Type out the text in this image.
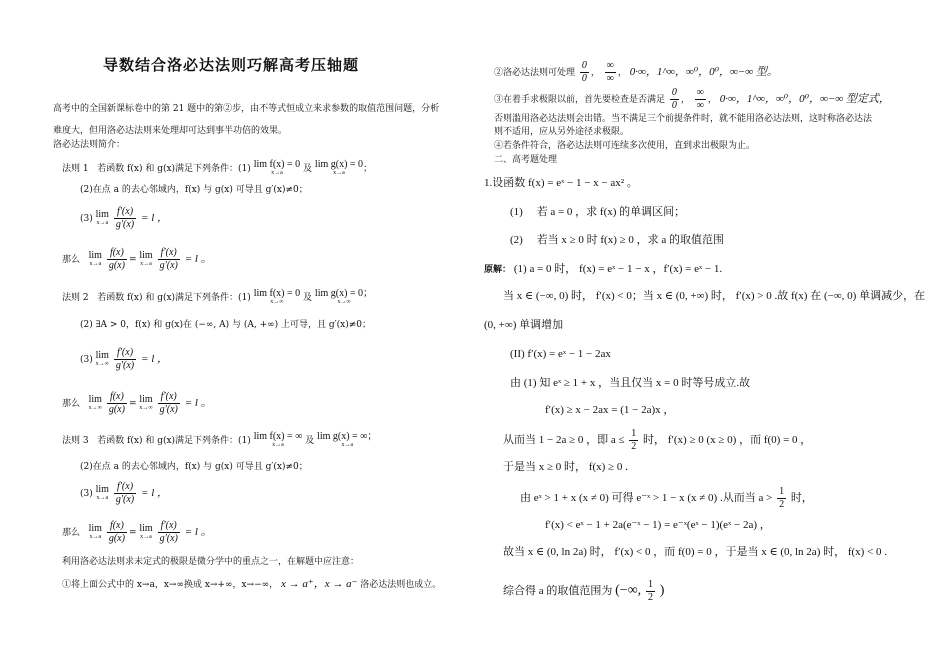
导数结合洛必达法则巧解高考压轴题
高考中的全国新课标卷中的第 21 题中的第②步，由不等式恒成立来求参数的取值范围问题，分析
难度大，但用洛必达法则来处理却可达到事半功倍的效果。
洛必达法则简介：
法则 1 若函数 f(x) 和 g(x)满足下列条件：(1) lim f(x) = 0
x→a	及 lim g(x) = 0
x→a	；
(2)在点 a 的去心邻域内，f(x) 与 g(x) 可导且 g′(x)≠0；
(3) lim
x→a
$\frac{f'(x)}{g'(x)} = l$ ，
那么 lim
x→a
$\frac{f(x)}{g(x)} = \lim$
x→a
$\frac{f'(x)}{g'(x)} = l$ 。
法则 2 若函数 f(x) 和 g(x)满足下列条件：(1) lim f(x) = 0
x→∞	及 lim g(x) = 0；
x→∞
(2) ∃A > 0，f(x) 和 g(x)在 (−∞, A) 与 (A, +∞) 上可导，且 g′(x)≠0；
(3) lim
x→∞
$\frac{f'(x)}{g'(x)} = l$ ，
那么 lim
x→∞
$\frac{f(x)}{g(x)} = \lim$
x→∞
$\frac{f'(x)}{g'(x)} = l$ 。
法则 3 若函数 f(x) 和 g(x)满足下列条件：(1) lim f(x) = ∞
x→a	及 lim g(x) = ∞；
x→a
(2)在点 a 的去心邻域内，f(x) 与 g(x) 可导且 g′(x)≠0；
(3) lim
x→a
$\frac{f'(x)}{g'(x)} = l$ ，
那么 lim
x→a
$\frac{f(x)}{g(x)} = \lim$
x→a
$\frac{f'(x)}{g'(x)} = l$ 。
利用洛必达法则求未定式的极限是微分学中的重点之一，在解题中应注意：
①将上面公式中的 x→a，x→∞换成 x→+∞，x→−∞， x → a⁺，x → a⁻ 洛必达法则也成立。
②洛必达法则可处理 $\frac{0}{0}$ ， $\frac{\infty}{\infty}$ ， 0·∞，1^∞，∞⁰，0⁰，∞−∞ 型。
③在着手求极限以前，首先要检查是否满足 $\frac{0}{0}$ ， $\frac{\infty}{\infty}$ ， 0·∞，1^∞，∞⁰，0⁰，∞−∞ 型定式，
否则滥用洛必达法则会出错。当不满足三个前提条件时，就不能用洛必达法则，这时称洛必达法
则不适用，应从另外途径求极限。
④若条件符合，洛必达法则可连续多次使用，直到求出极限为止。
二、高考题处理
1.设函数 f(x) = eˣ − 1 − x − ax² 。
(1)　 若 a = 0 ，求 f(x) 的单调区间；
(2)　 若当 x ≥ 0 时 f(x) ≥ 0 ，求 a 的取值范围
原解： (1) a = 0 时， f(x) = eˣ − 1 − x ，f′(x) = eˣ − 1.
当 x ∈ (−∞, 0) 时， f′(x) < 0；当 x ∈ (0, +∞) 时， f′(x) > 0 .故 f(x) 在 (−∞, 0) 单调减少，在
(0, +∞) 单调增加
(II) f′(x) = eˣ − 1 − 2ax
由 (1) 知 eˣ ≥ 1 + x ，当且仅当 x = 0 时等号成立.故
f′(x) ≥ x − 2ax = (1 − 2a)x ，
从而当 1 − 2a ≥ 0 ，即 $a \le \frac{1}{2}$ 时， f′(x) ≥ 0 (x ≥ 0) ，而 f(0) = 0 ，
于是当 x ≥ 0 时， f(x) ≥ 0 .
由 eˣ > 1 + x (x ≠ 0) 可得 e⁻ˣ > 1 − x (x ≠ 0) .从而当 $a > \frac{1}{2}$ 时，
f′(x) < eˣ − 1 + 2a(e⁻ˣ − 1) = e⁻ˣ(eˣ − 1)(eˣ − 2a) ，
故当 x ∈ (0, ln 2a) 时， f′(x) < 0 ，而 f(0) = 0 ，于是当 x ∈ (0, ln 2a) 时， f(x) < 0 .
综合得 a 的取值范围为 (−∞, $\frac{1}{2}$ )
